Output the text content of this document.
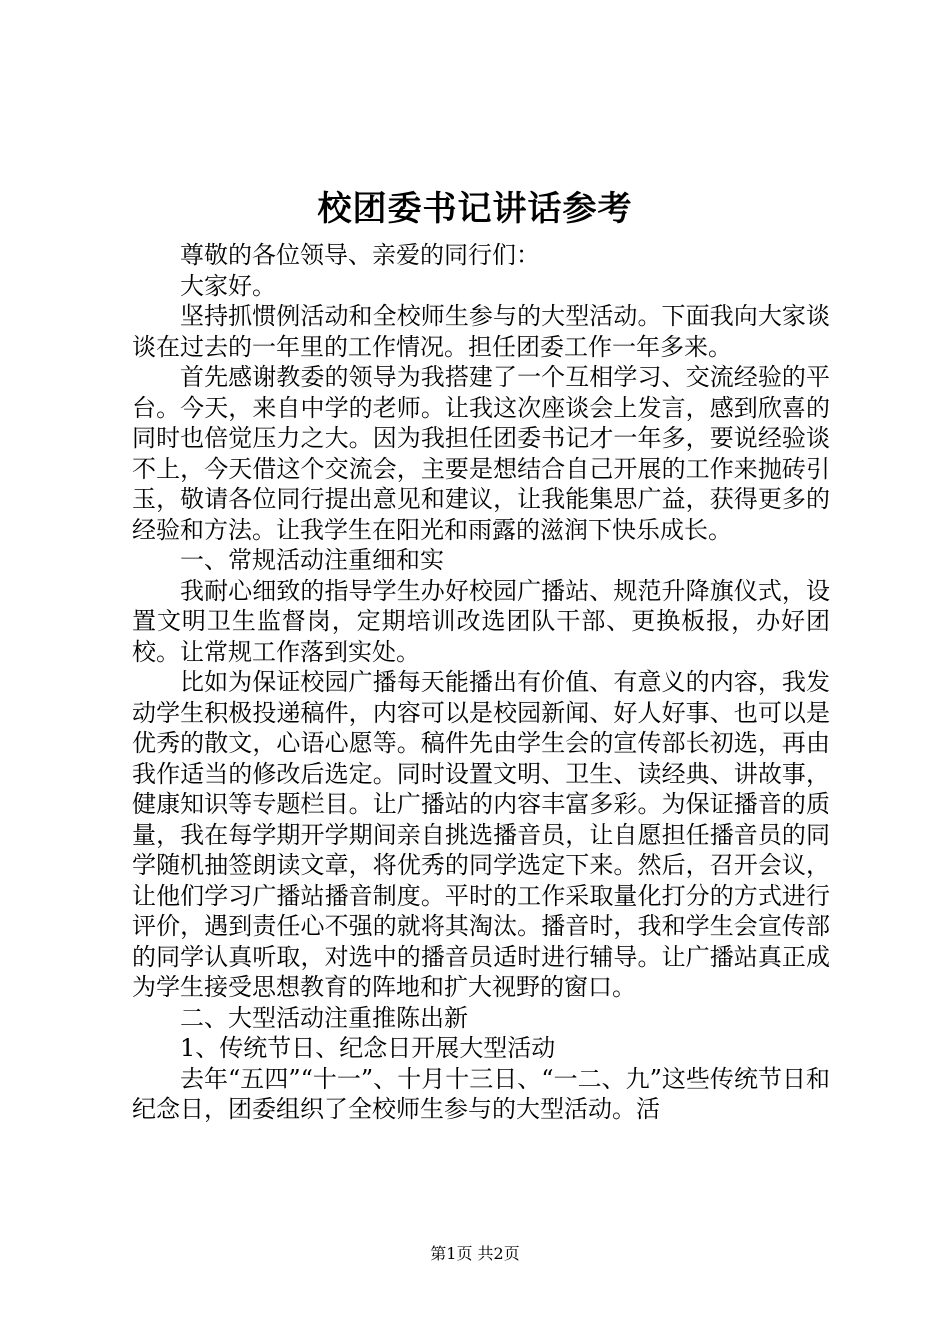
校团委书记讲话参考

尊敬的各位领导、亲爱的同行们：

大家好。

坚持抓惯例活动和全校师生参与的大型活动。下面我向大家谈谈在过去的一年里的工作情况。担任团委工作一年多来。

首先感谢教委的领导为我搭建了一个互相学习、交流经验的平台。今天，来自中学的老师。让我这次座谈会上发言，感到欣喜的同时也倍觉压力之大。因为我担任团委书记才一年多，要说经验谈不上，今天借这个交流会，主要是想结合自己开展的工作来抛砖引玉，敬请各位同行提出意见和建议，让我能集思广益，获得更多的经验和方法。让我学生在阳光和雨露的滋润下快乐成长。

一、常规活动注重细和实

我耐心细致的指导学生办好校园广播站、规范升降旗仪式，设置文明卫生监督岗，定期培训改选团队干部、更换板报，办好团校。让常规工作落到实处。

比如为保证校园广播每天能播出有价值、有意义的内容，我发动学生积极投递稿件，内容可以是校园新闻、好人好事、也可以是优秀的散文，心语心愿等。稿件先由学生会的宣传部长初选，再由我作适当的修改后选定。同时设置文明、卫生、读经典、讲故事，健康知识等专题栏目。让广播站的内容丰富多彩。为保证播音的质量，我在每学期开学期间亲自挑选播音员，让自愿担任播音员的同学随机抽签朗读文章，将优秀的同学选定下来。然后，召开会议，让他们学习广播站播音制度。平时的工作采取量化打分的方式进行评价，遇到责任心不强的就将其淘汰。播音时，我和学生会宣传部的同学认真听取，对选中的播音员适时进行辅导。让广播站真正成为学生接受思想教育的阵地和扩大视野的窗口。

二、大型活动注重推陈出新

1、传统节日、纪念日开展大型活动

去年“五四”“十一”、十月十三日、“一二、九”这些传统节日和纪念日，团委组织了全校师生参与的大型活动。活

第1页 共2页
